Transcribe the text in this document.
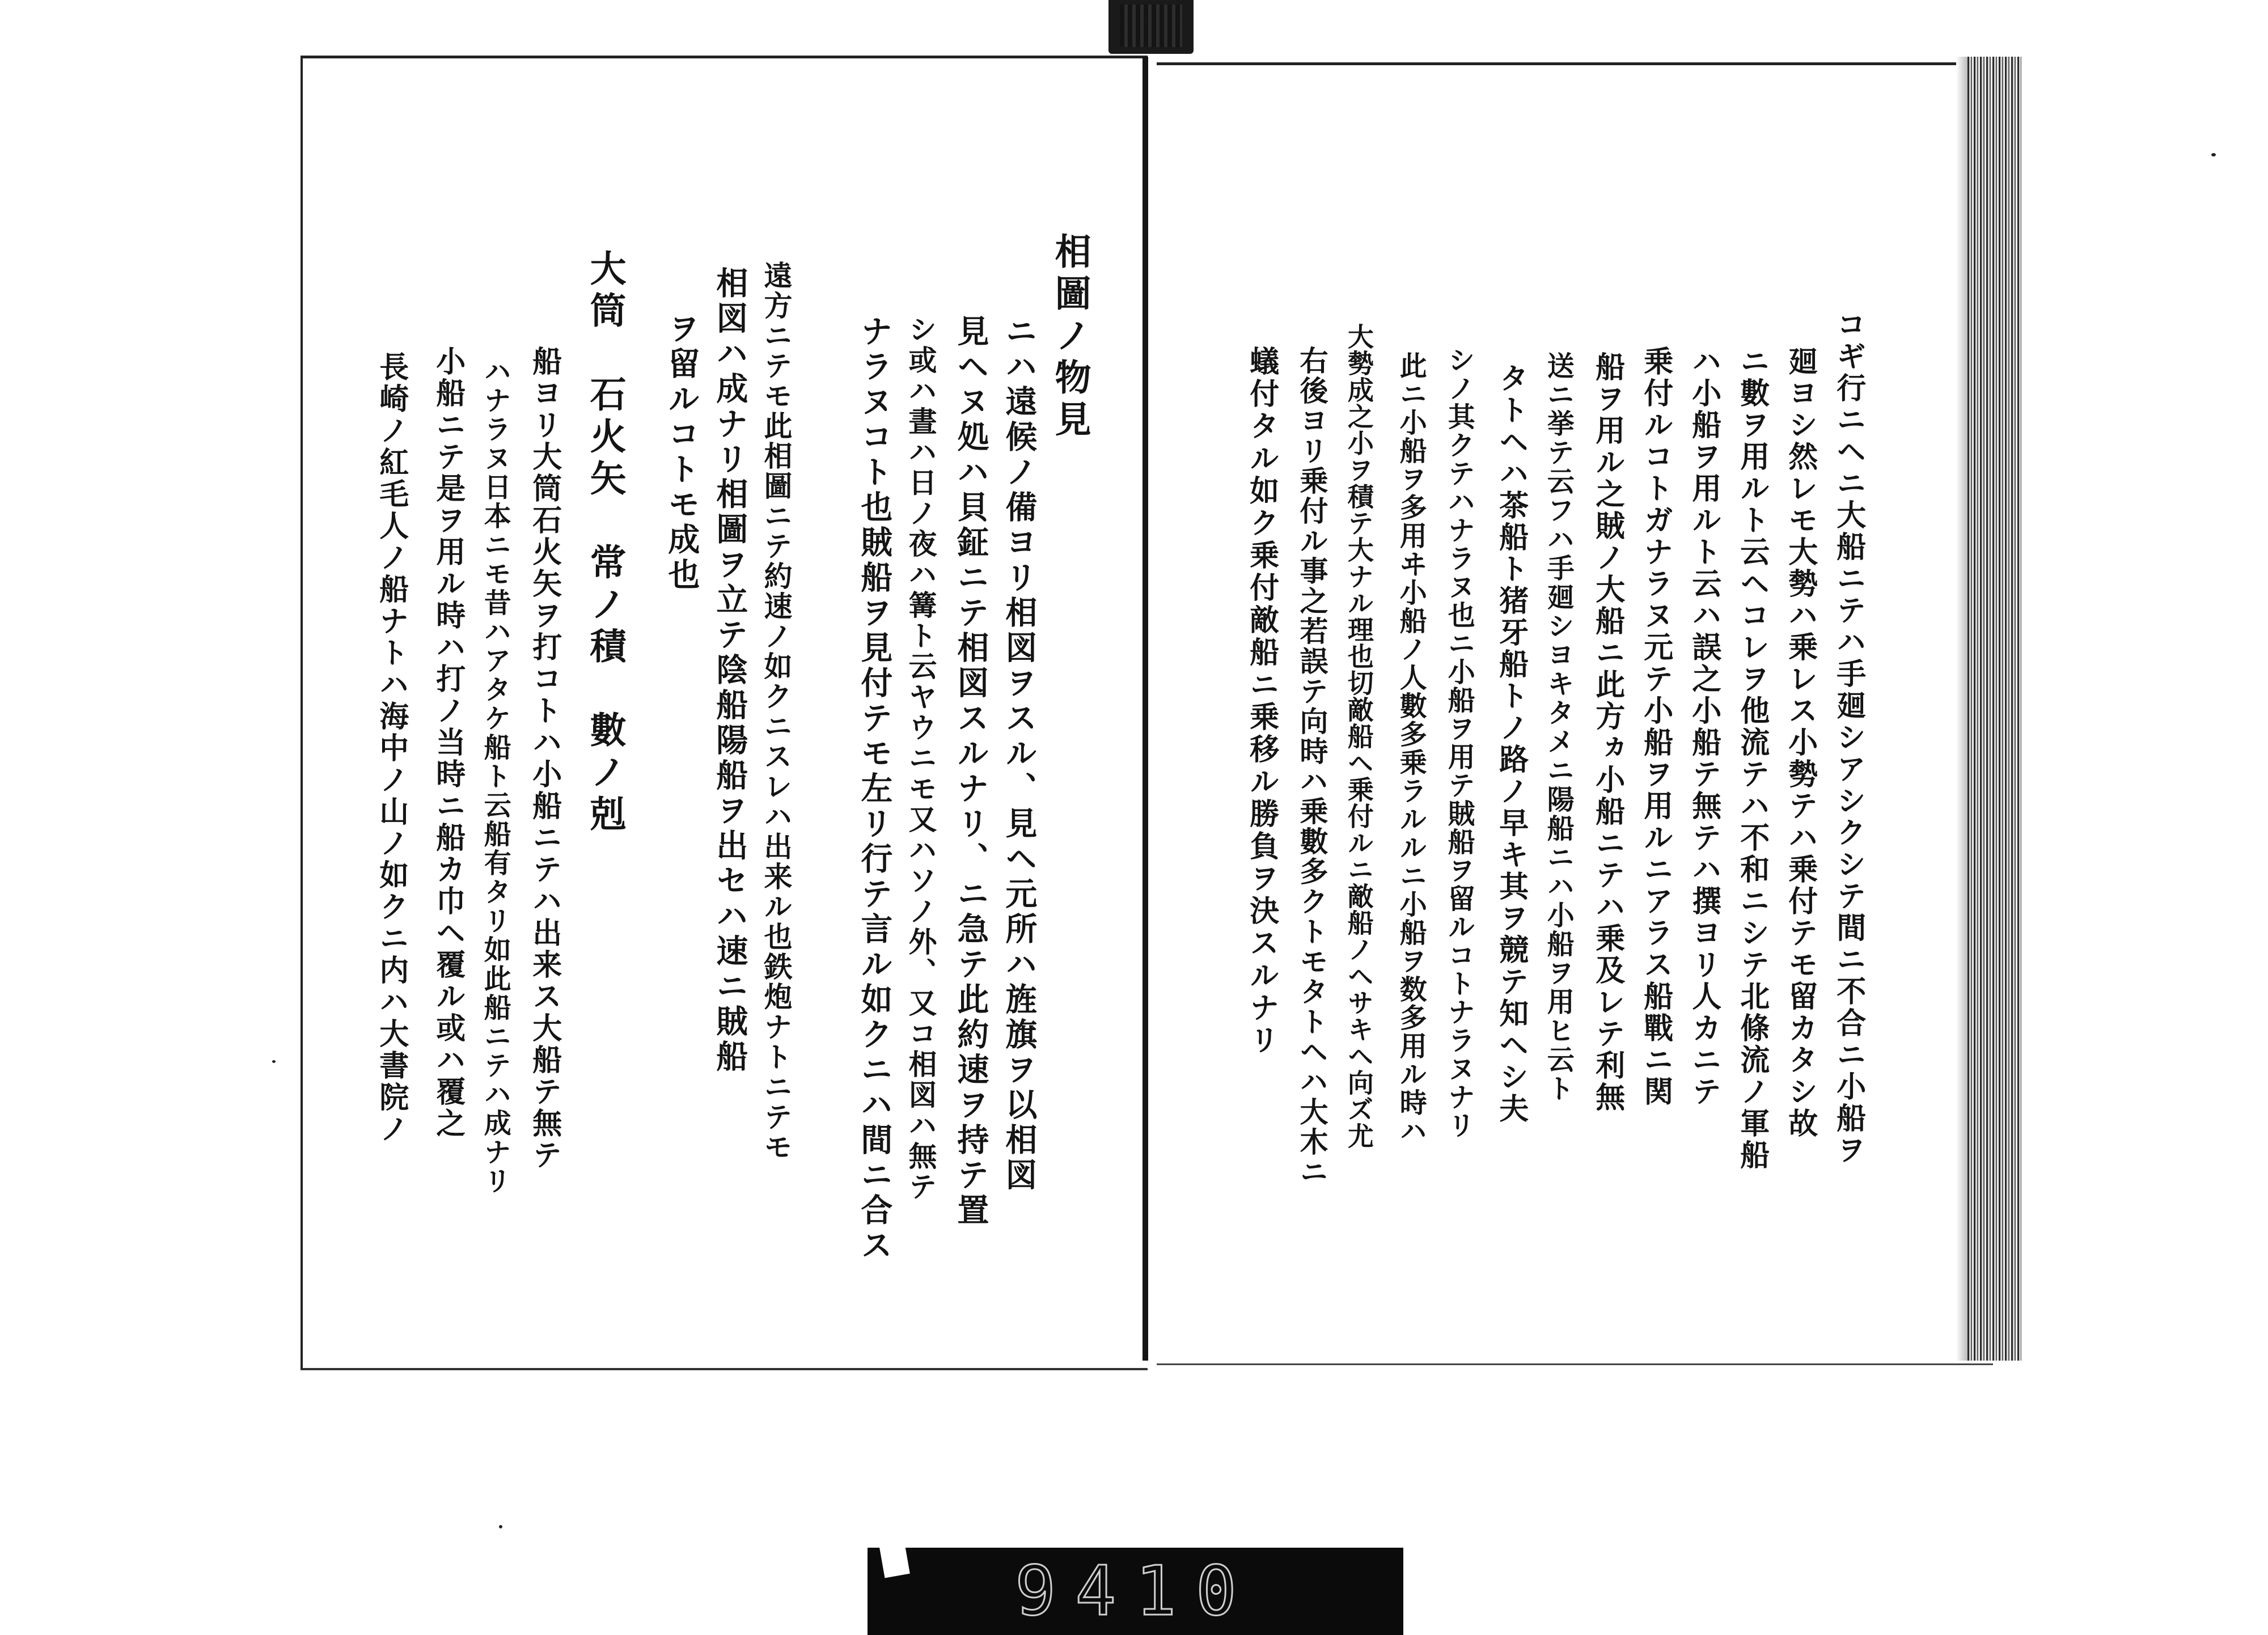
相圖ノ物見
ニハ遠候ノ備ヨリ相図ヲスル、見ヘ元所ハ旌旗ヲ以相図
見ヘヌ処ハ貝鉦ニテ相図スルナリ、ニ急テ此約速ヲ持テ置
シ或ハ晝ハ日ノ夜ハ篝ト云ヤウニモ又ハソノ外、又コ相図ハ無テ
ナラヌコト也賊船ヲ見付テモ左リ行テ言ル如クニハ間ニ合ス
遠方ニテモ此相圖ニテ約速ノ如クニスレハ出来ル也鉄炮ナトニテモ
相図ハ成ナリ相圖ヲ立テ陰船陽船ヲ出セハ速ニ賊船
ヲ留ルコトモ成也
大筒　石火矢　常ノ積　數ノ剋
船ヨリ大筒石火矢ヲ打コトハ小船ニテハ出来ス大船テ無テ
ハナラヌ日本ニモ昔ハアタケ船ト云船有タリ如此船ニテハ成ナリ
小船ニテ是ヲ用ル時ハ打ノ当時ニ船カ巾ヘ覆ル或ハ覆之
長崎ノ紅毛人ノ船ナトハ海中ノ山ノ如クニ内ハ大書院ノ	コギ行ニヘニ大船ニテハ手廻シアシクシテ間ニ不合ニ小船ヲ
廻ヨシ然レモ大勢ハ乗レス小勢テハ乗付テモ留カタシ故
ニ數ヲ用ルト云ヘコレヲ他流テハ不和ニシテ北條流ノ軍船
ハ小船ヲ用ルト云ハ誤之小船テ無テハ撰ヨリ人カニテ
乗付ルコトガナラヌ元テ小船ヲ用ルニアラス船戰ニ関
船ヲ用ル之賊ノ大船ニ此方ヵ小船ニテハ乗及レテ利無
送ニ挙テ云フハ手廻シヨキタメニ陽船ニハ小船ヲ用ヒ云ト
タトヘハ茶船ト猪牙船トノ路ノ早キ其ヲ競テ知ヘシ夫
シノ其クテハナラヌ也ニ小船ヲ用テ賊船ヲ留ルコトナラヌナリ
此ニ小船ヲ多用ヰ小船ノ人數多乗ラルルニ小船ヲ数多用ル時ハ
大勢成之小ヲ積テ大ナル理也切敵船ヘ乗付ルニ敵船ノヘサキヘ向ズ尤
右後ヨリ乗付ル事之若誤テ向時ハ乗數多クトモタトヘハ大木ニ
蟻付タル如ク乗付敵船ニ乗移ル勝負ヲ決スルナリ
9410
